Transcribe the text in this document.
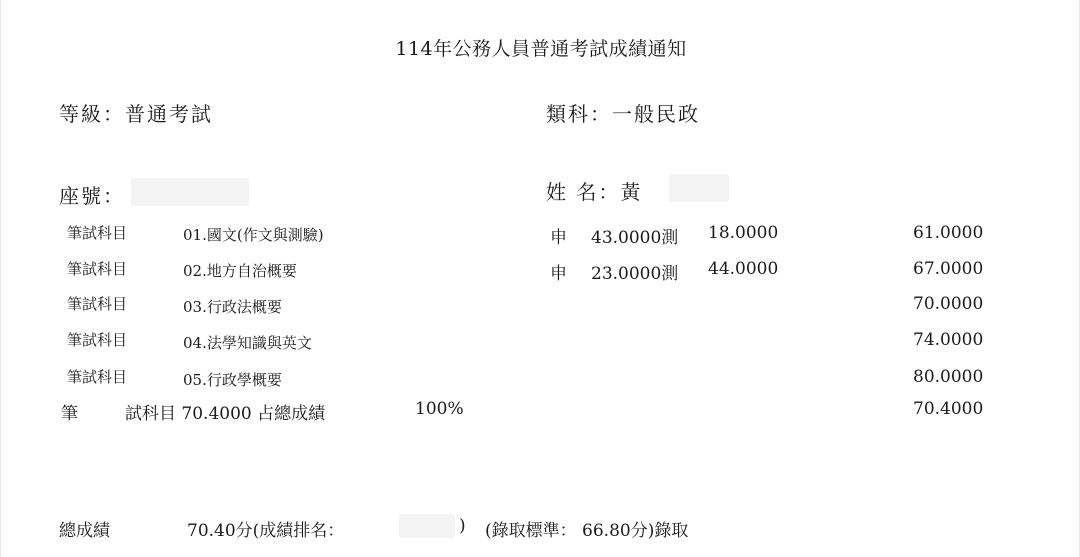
114年公務人員普通考試成績通知
等級：普通考試	類科：一般民政
座號：	姓 名：黃
筆試科目	01.國文(作文與測驗)	申 43.0000測 18.0000	61.0000
筆試科目	02.地方自治概要	申 23.0000測 44.0000	67.0000
筆試科目	03.行政法概要	70.0000
筆試科目	04.法學知識與英文	74.0000
筆試科目	05.行政學概要	80.0000
筆	試科目 70.4000 占總成績	100%	70.4000
總成績	70.40分(成績排名：	) (錄取標準： 66.80分)錄取
